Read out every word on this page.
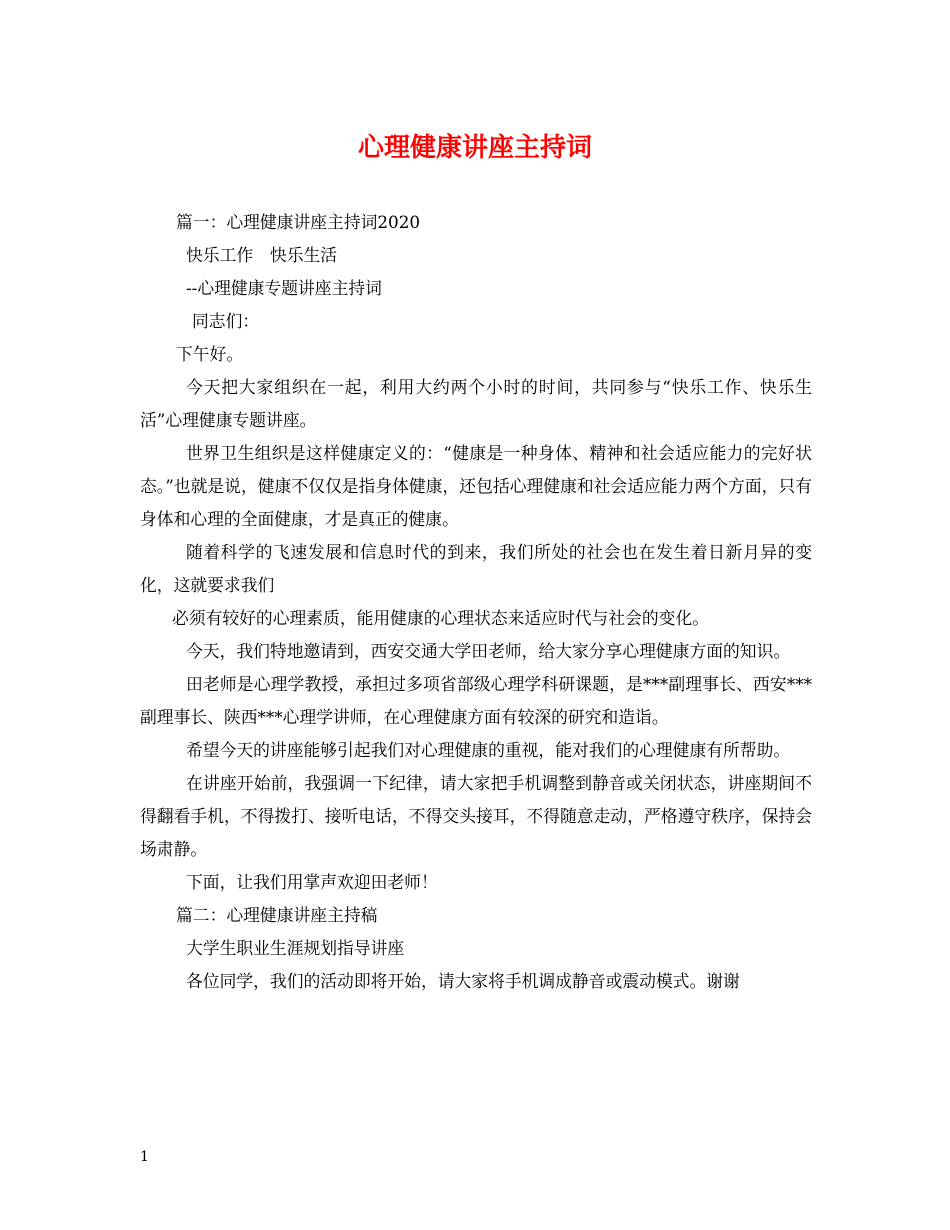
心理健康讲座主持词

篇一：心理健康讲座主持词2020

快乐工作　快乐生活

--心理健康专题讲座主持词

同志们：

下午好。

今天把大家组织在一起，利用大约两个小时的时间，共同参与“快乐工作、快乐生活”心理健康专题讲座。

世界卫生组织是这样健康定义的：“健康是一种身体、精神和社会适应能力的完好状态。”也就是说，健康不仅仅是指身体健康，还包括心理健康和社会适应能力两个方面，只有身体和心理的全面健康，才是真正的健康。

随着科学的飞速发展和信息时代的到来，我们所处的社会也在发生着日新月异的变化，这就要求我们

必须有较好的心理素质，能用健康的心理状态来适应时代与社会的变化。

今天，我们特地邀请到，西安交通大学田老师，给大家分享心理健康方面的知识。

田老师是心理学教授，承担过多项省部级心理学科研课题，是***副理事长、西安***副理事长、陕西***心理学讲师，在心理健康方面有较深的研究和造诣。

希望今天的讲座能够引起我们对心理健康的重视，能对我们的心理健康有所帮助。

在讲座开始前，我强调一下纪律，请大家把手机调整到静音或关闭状态，讲座期间不得翻看手机，不得拨打、接听电话，不得交头接耳，不得随意走动，严格遵守秩序，保持会场肃静。

下面，让我们用掌声欢迎田老师！

篇二：心理健康讲座主持稿

大学生职业生涯规划指导讲座

各位同学，我们的活动即将开始，请大家将手机调成静音或震动模式。谢谢

1
